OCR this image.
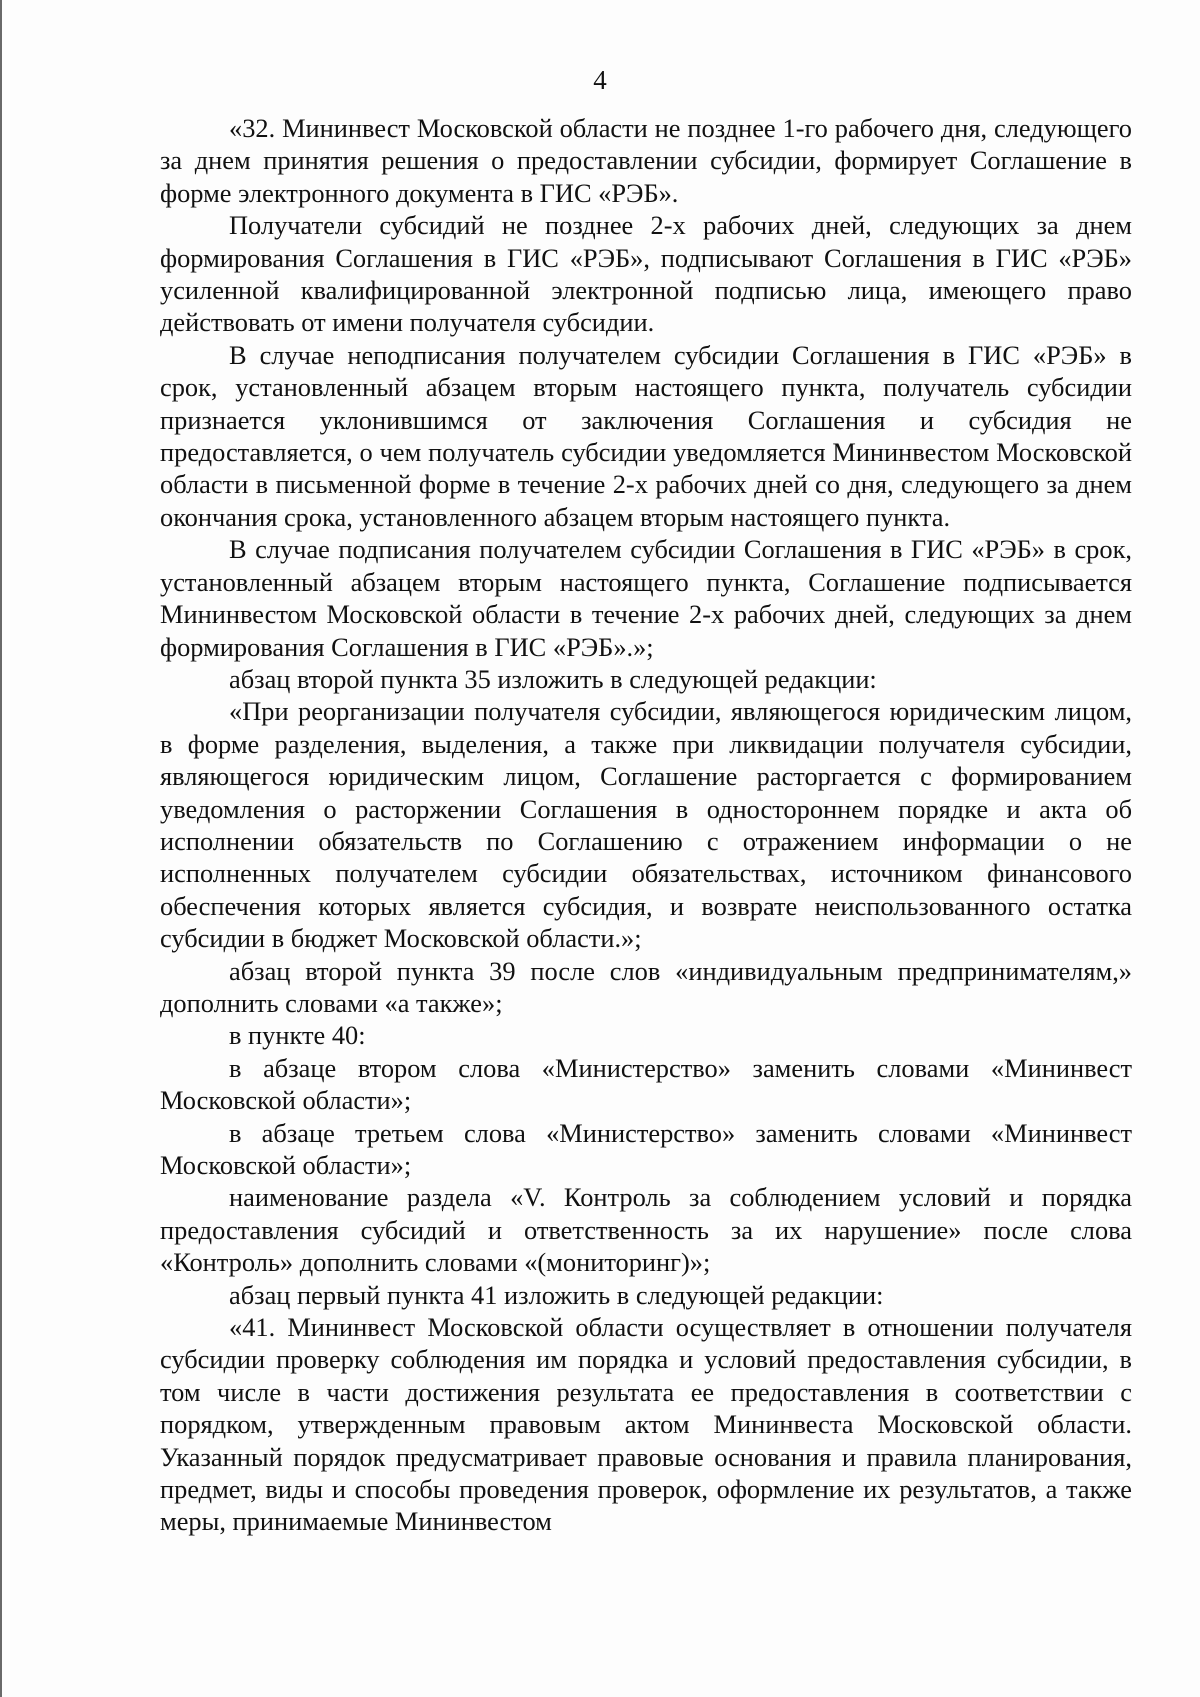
4

«32. Мининвест Московской области не позднее 1-го рабочего дня, следующего за днем принятия решения о предоставлении субсидии, формирует Соглашение в форме электронного документа в ГИС «РЭБ».

Получатели субсидий не позднее 2-х рабочих дней, следующих за днем формирования Соглашения в ГИС «РЭБ», подписывают Соглашения в ГИС «РЭБ» усиленной квалифицированной электронной подписью лица, имеющего право действовать от имени получателя субсидии.

В случае неподписания получателем субсидии Соглашения в ГИС «РЭБ» в срок, установленный абзацем вторым настоящего пункта, получатель субсидии признается уклонившимся от заключения Соглашения и субсидия не предоставляется, о чем получатель субсидии уведомляется Мининвестом Московской области в письменной форме в течение 2-х рабочих дней со дня, следующего за днем окончания срока, установленного абзацем вторым настоящего пункта.

В случае подписания получателем субсидии Соглашения в ГИС «РЭБ» в срок, установленный абзацем вторым настоящего пункта, Соглашение подписывается Мининвестом Московской области в течение 2-х рабочих дней, следующих за днем формирования Соглашения в ГИС «РЭБ».»;

абзац второй пункта 35 изложить в следующей редакции:

«При реорганизации получателя субсидии, являющегося юридическим лицом, в форме разделения, выделения, а также при ликвидации получателя субсидии, являющегося юридическим лицом, Соглашение расторгается с формированием уведомления о расторжении Соглашения в одностороннем порядке и акта об исполнении обязательств по Соглашению с отражением информации о не исполненных получателем субсидии обязательствах, источником финансового обеспечения которых является субсидия, и возврате неиспользованного остатка субсидии в бюджет Московской области.»;

абзац второй пункта 39 после слов «индивидуальным предпринимателям,» дополнить словами «а также»;

в пункте 40:

в абзаце втором слова «Министерство» заменить словами «Мининвест Московской области»;

в абзаце третьем слова «Министерство» заменить словами «Мининвест Московской области»;

наименование раздела «V. Контроль за соблюдением условий и порядка предоставления субсидий и ответственность за их нарушение» после слова «Контроль» дополнить словами «(мониторинг)»;

абзац первый пункта 41 изложить в следующей редакции:

«41. Мининвест Московской области осуществляет в отношении получателя субсидии проверку соблюдения им порядка и условий предоставления субсидии, в том числе в части достижения результата ее предоставления в соответствии с порядком, утвержденным правовым актом Мининвеста Московской области. Указанный порядок предусматривает правовые основания и правила планирования, предмет, виды и способы проведения проверок, оформление их результатов, а также меры, принимаемые Мининвестом
